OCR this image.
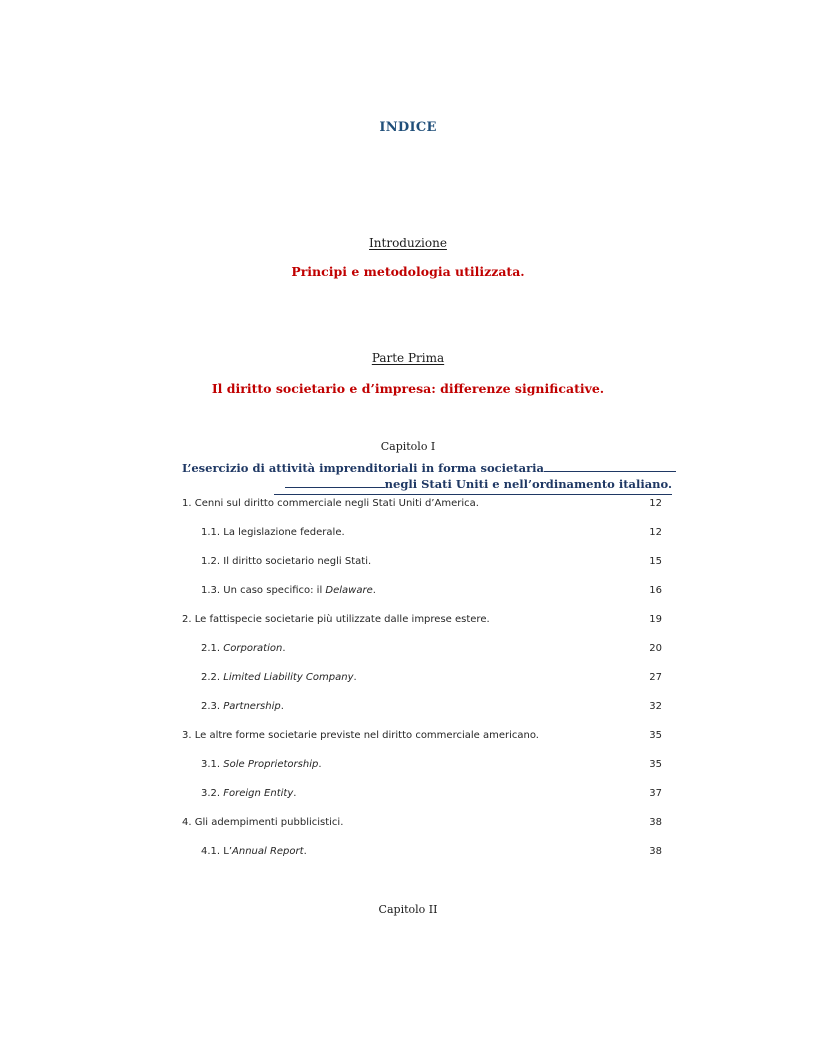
INDICE
Introduzione
Principi e metodologia utilizzata.
Parte Prima
Il diritto societario e d’impresa: differenze significative.
Capitolo I
L’esercizio di attività imprenditoriali in forma societaria
negli Stati Uniti e nell’ordinamento italiano.
1. Cenni sul diritto commerciale negli Stati Uniti d’America.	12
1.1. La legislazione federale.	12
1.2. Il diritto societario negli Stati.	15
1.3. Un caso specifico: il Delaware.	16
2. Le fattispecie societarie più utilizzate dalle imprese estere.	19
2.1. Corporation.	20
2.2. Limited Liability Company.	27
2.3. Partnership.	32
3. Le altre forme societarie previste nel diritto commerciale americano.	35
3.1. Sole Proprietorship.	35
3.2. Foreign Entity.	37
4. Gli adempimenti pubblicistici.	38
4.1. L’Annual Report.	38
Capitolo II
